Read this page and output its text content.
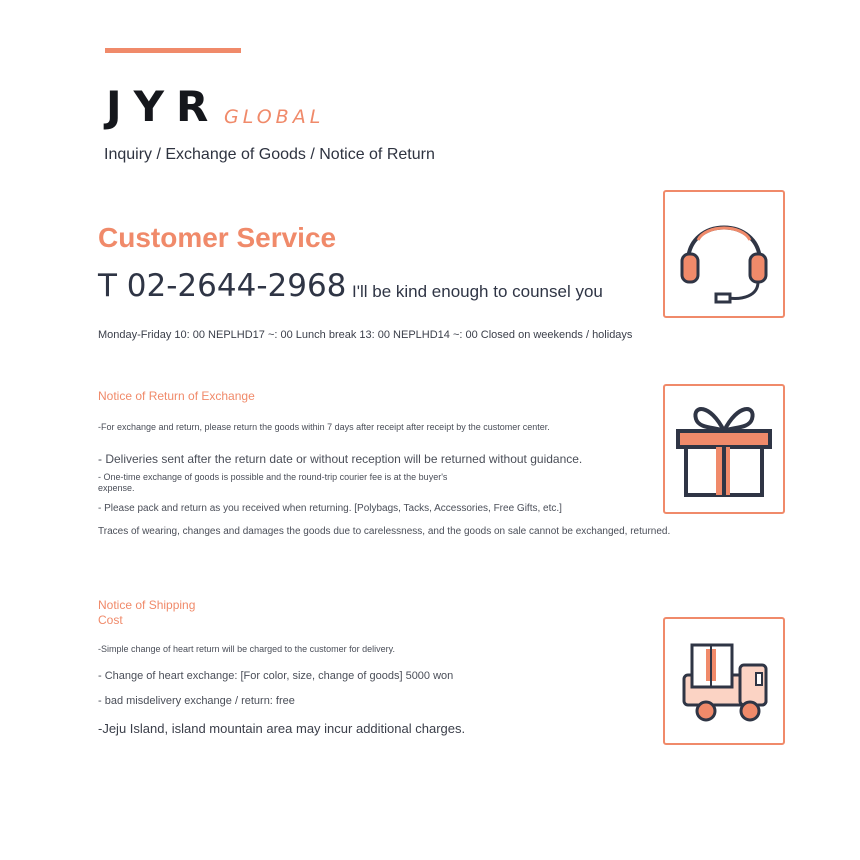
JYR GLOBAL
Inquiry / Exchange of Goods / Notice of Return
Customer Service
T 02-2644-2968 I'll be kind enough to counsel you
Monday-Friday 10: 00 NEPLHD17 ~: 00 Lunch break 13: 00 NEPLHD14 ~: 00 Closed on weekends / holidays
Notice of Return of Exchange
-For exchange and return, please return the goods within 7 days after receipt after receipt by the customer center.
- Deliveries sent after the return date or without reception will be returned without guidance.
- One-time exchange of goods is possible and the round-trip courier fee is at the buyer's expense.
- Please pack and return as you received when returning. [Polybags, Tacks, Accessories, Free Gifts, etc.]
Traces of wearing, changes and damages the goods due to carelessness, and the goods on sale cannot be exchanged, returned.
Notice of Shipping Cost
-Simple change of heart return will be charged to the customer for delivery.
- Change of heart exchange: [For color, size, change of goods] 5000 won
- bad misdelivery exchange / return: free
-Jeju Island, island mountain area may incur additional charges.
